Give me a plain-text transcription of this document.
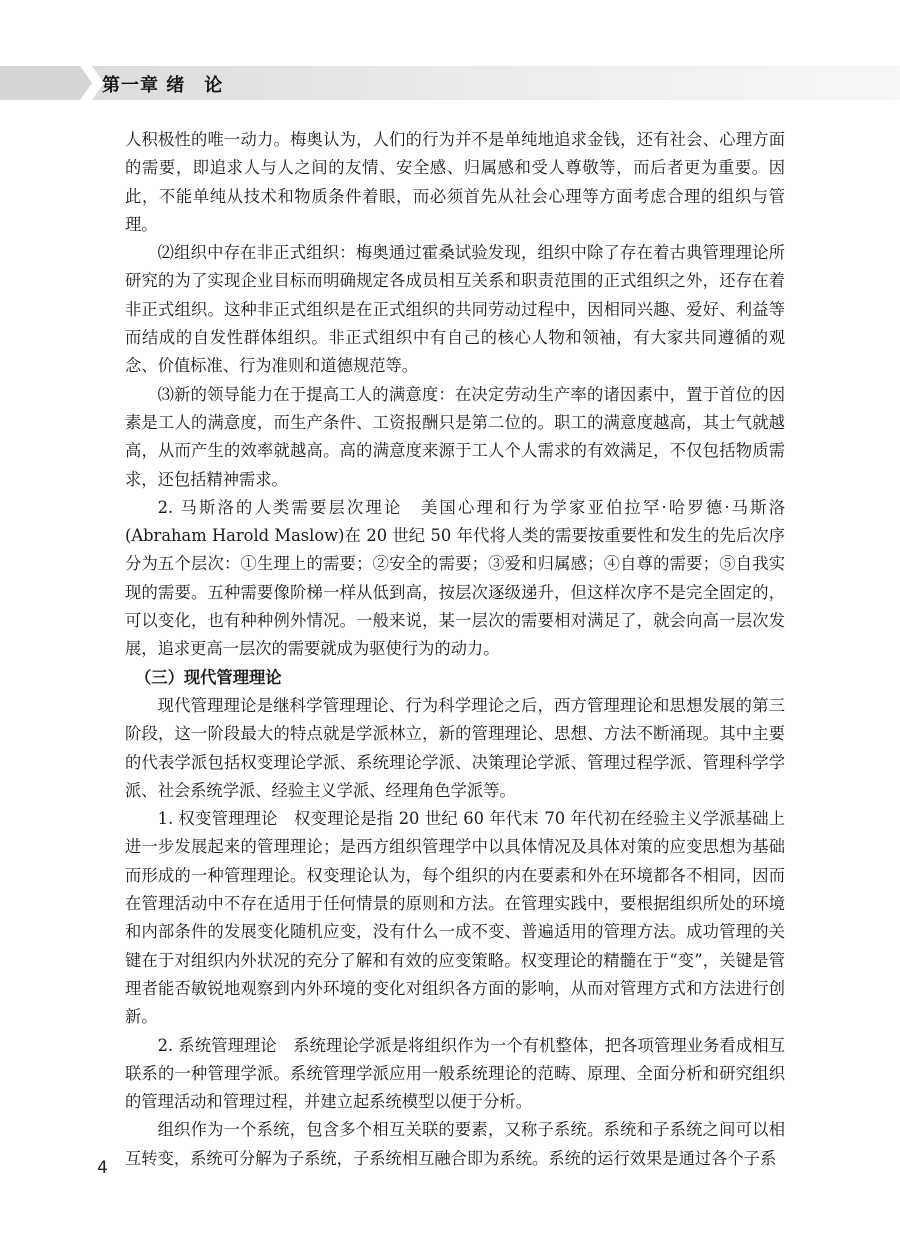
第一章 绪　论

人积极性的唯一动力。梅奥认为，人们的行为并不是单纯地追求金钱，还有社会、心理方面的需要，即追求人与人之间的友情、安全感、归属感和受人尊敬等，而后者更为重要。因此，不能单纯从技术和物质条件着眼，而必须首先从社会心理等方面考虑合理的组织与管理。

⑵组织中存在非正式组织：梅奥通过霍桑试验发现，组织中除了存在着古典管理理论所研究的为了实现企业目标而明确规定各成员相互关系和职责范围的正式组织之外，还存在着非正式组织。这种非正式组织是在正式组织的共同劳动过程中，因相同兴趣、爱好、利益等而结成的自发性群体组织。非正式组织中有自己的核心人物和领袖，有大家共同遵循的观念、价值标准、行为准则和道德规范等。

⑶新的领导能力在于提高工人的满意度：在决定劳动生产率的诸因素中，置于首位的因素是工人的满意度，而生产条件、工资报酬只是第二位的。职工的满意度越高，其士气就越高，从而产生的效率就越高。高的满意度来源于工人个人需求的有效满足，不仅包括物质需求，还包括精神需求。

2. 马斯洛的人类需要层次理论　美国心理和行为学家亚伯拉罕·哈罗德·马斯洛(Abraham Harold Maslow)在 20 世纪 50 年代将人类的需要按重要性和发生的先后次序分为五个层次：①生理上的需要；②安全的需要；③爱和归属感；④自尊的需要；⑤自我实现的需要。五种需要像阶梯一样从低到高，按层次逐级递升，但这样次序不是完全固定的，可以变化，也有种种例外情况。一般来说，某一层次的需要相对满足了，就会向高一层次发展，追求更高一层次的需要就成为驱使行为的动力。

（三）现代管理理论

现代管理理论是继科学管理理论、行为科学理论之后，西方管理理论和思想发展的第三阶段，这一阶段最大的特点就是学派林立，新的管理理论、思想、方法不断涌现。其中主要的代表学派包括权变理论学派、系统理论学派、决策理论学派、管理过程学派、管理科学学派、社会系统学派、经验主义学派、经理角色学派等。

1. 权变管理理论　权变理论是指 20 世纪 60 年代末 70 年代初在经验主义学派基础上进一步发展起来的管理理论；是西方组织管理学中以具体情况及具体对策的应变思想为基础而形成的一种管理理论。权变理论认为，每个组织的内在要素和外在环境都各不相同，因而在管理活动中不存在适用于任何情景的原则和方法。在管理实践中，要根据组织所处的环境和内部条件的发展变化随机应变，没有什么一成不变、普遍适用的管理方法。成功管理的关键在于对组织内外状况的充分了解和有效的应变策略。权变理论的精髓在于“变”，关键是管理者能否敏锐地观察到内外环境的变化对组织各方面的影响，从而对管理方式和方法进行创新。

2. 系统管理理论　系统理论学派是将组织作为一个有机整体，把各项管理业务看成相互联系的一种管理学派。系统管理学派应用一般系统理论的范畴、原理、全面分析和研究组织的管理活动和管理过程，并建立起系统模型以便于分析。

组织作为一个系统，包含多个相互关联的要素，又称子系统。系统和子系统之间可以相互转变，系统可分解为子系统，子系统相互融合即为系统。系统的运行效果是通过各个子系

4
